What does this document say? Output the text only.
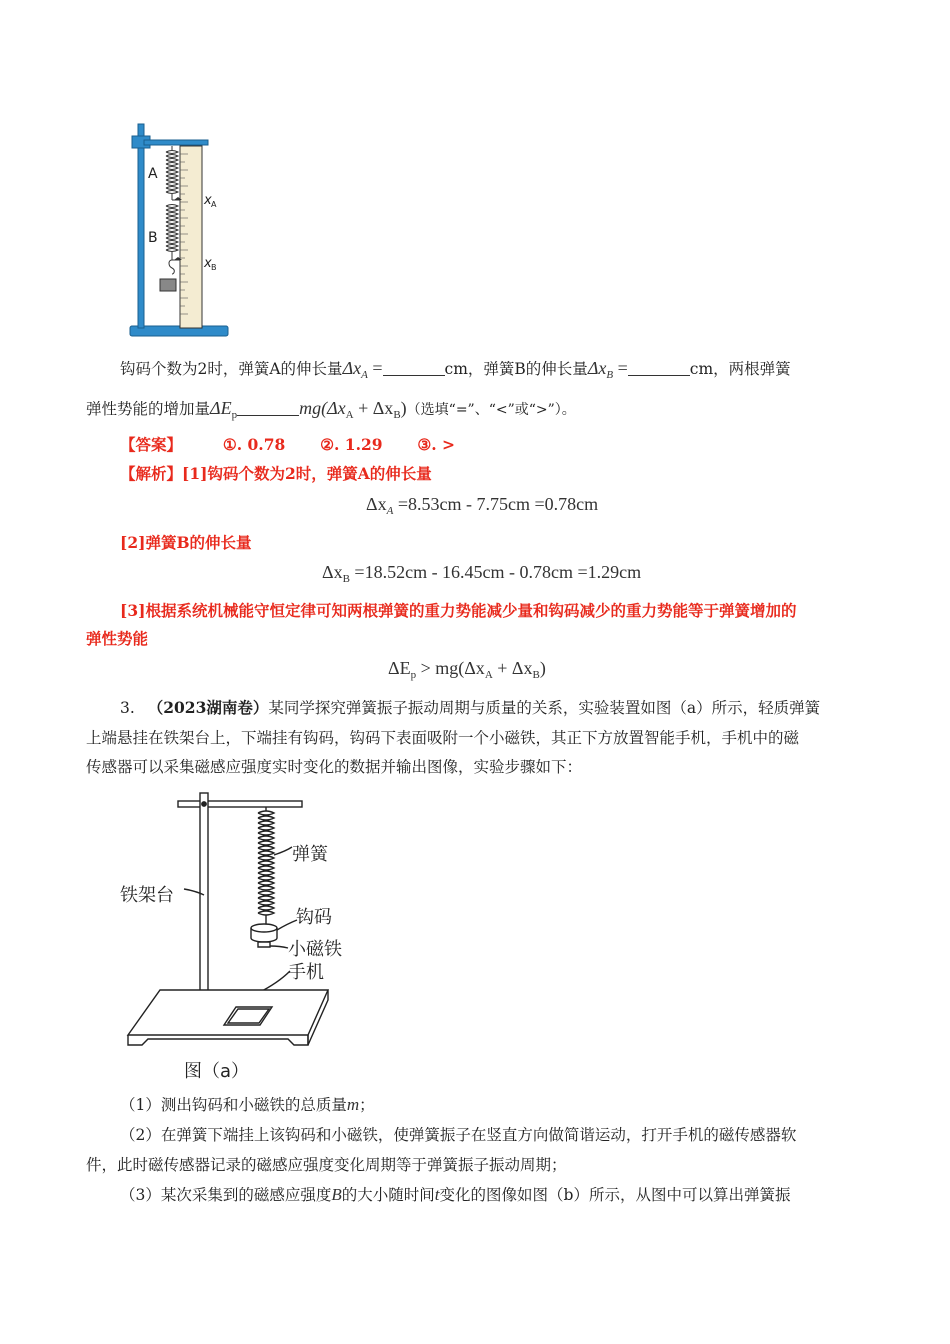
A
B
x A
x B
钩码个数为2时，弹簧A的伸长量$\Delta x_A$ =	cm，弹簧B的伸长量$\Delta x_B$ =	cm，两根弹簧
弹性势能的增加量$\Delta E_p$	$mg(\Delta x_A + \Delta x_B)$（选填“=”、“<”或“>”）。
【答案】	①. 0.78 ②. 1.29 ③. >
【解析】[1]钩码个数为2时，弹簧A的伸长量
$\Delta x_A =8.53cm - 7.75cm =0.78cm$
[2]弹簧B的伸长量
$\Delta x_B =18.52cm - 16.45cm - 0.78cm =1.29cm$
[3]根据系统机械能守恒定律可知两根弹簧的重力势能减少量和钩码减少的重力势能等于弹簧增加的
弹性势能
$\Delta E_p > mg(\Delta x_A + \Delta x_B)$
3. （2023湖南卷）某同学探究弹簧振子振动周期与质量的关系，实验装置如图（a）所示，轻质弹簧
上端悬挂在铁架台上，下端挂有钩码，钩码下表面吸附一个小磁铁，其正下方放置智能手机，手机中的磁
传感器可以采集磁感应强度实时变化的数据并输出图像，实验步骤如下：
弹簧
铁架台
钩码
小磁铁
手机
图（a）
（1）测出钩码和小磁铁的总质量m；
（2）在弹簧下端挂上该钩码和小磁铁，使弹簧振子在竖直方向做简谐运动，打开手机的磁传感器软
件，此时磁传感器记录的磁感应强度变化周期等于弹簧振子振动周期；
（3）某次采集到的磁感应强度B的大小随时间t变化的图像如图（b）所示，从图中可以算出弹簧振
